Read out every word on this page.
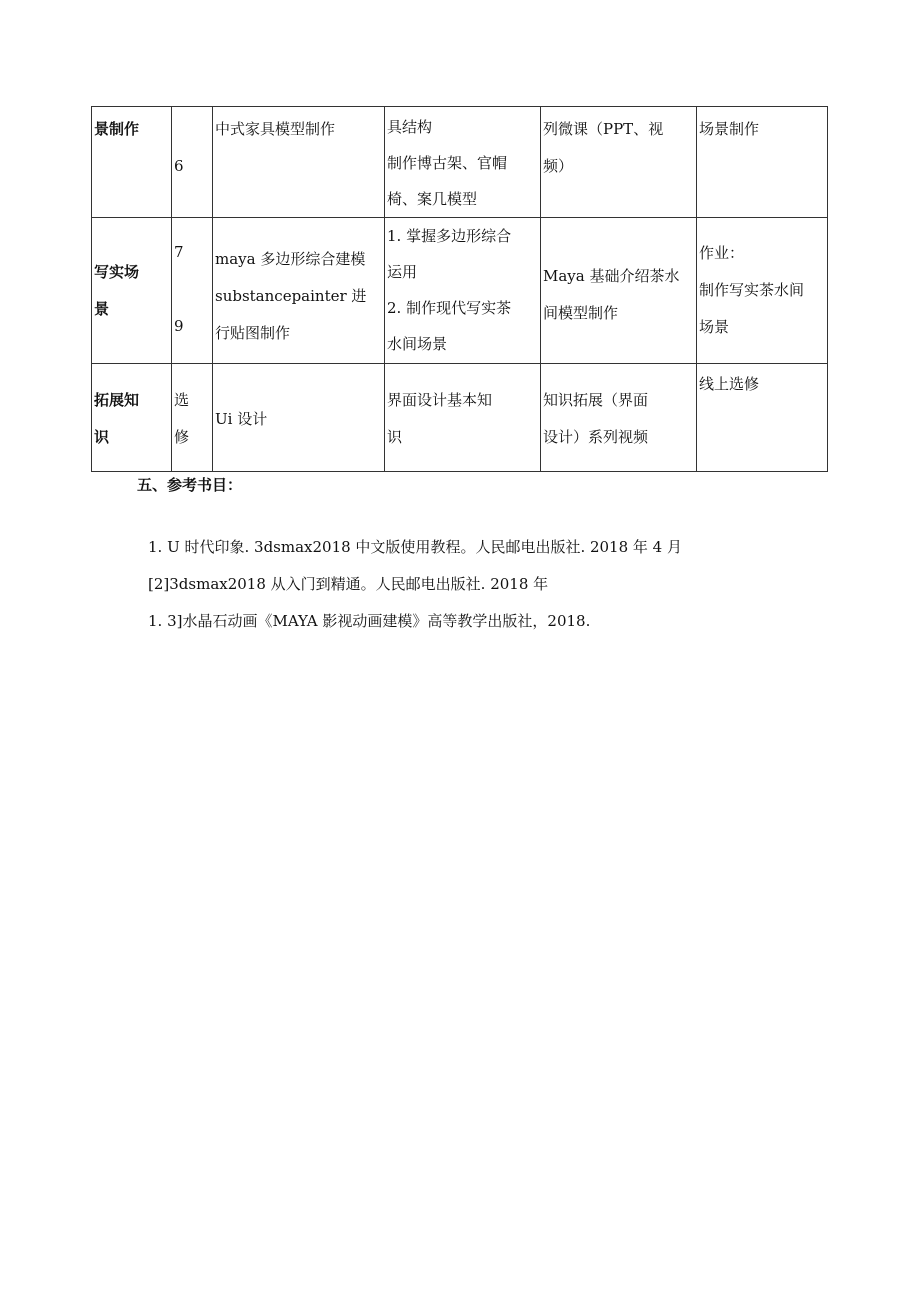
景制作

6
中式家具模型制作	具结构
制作博古架、官帽
椅、案几模型
列微课（PPT、视
频）
场景制作
写实场
景
7

9
maya 多边形综合建模
substancepainter 进
行贴图制作
1. 掌握多边形综合
运用
2. 制作现代写实茶
水间场景
Maya 基础介绍茶水
间模型制作
作业：
制作写实茶水间
场景
拓展知
识
选
修
Ui 设计
界面设计基本知
识
知识拓展（界面
设计）系列视频
线上选修
五、参考书目：
1. U 时代印象. 3dsmax2018 中文版使用教程。人民邮电出版社. 2018 年 4 月
[2]3dsmax2018 从入门到精通。人民邮电出版社. 2018 年
1. 3]水晶石动画《MAYA 影视动画建模》高等教学出版社，2018.
